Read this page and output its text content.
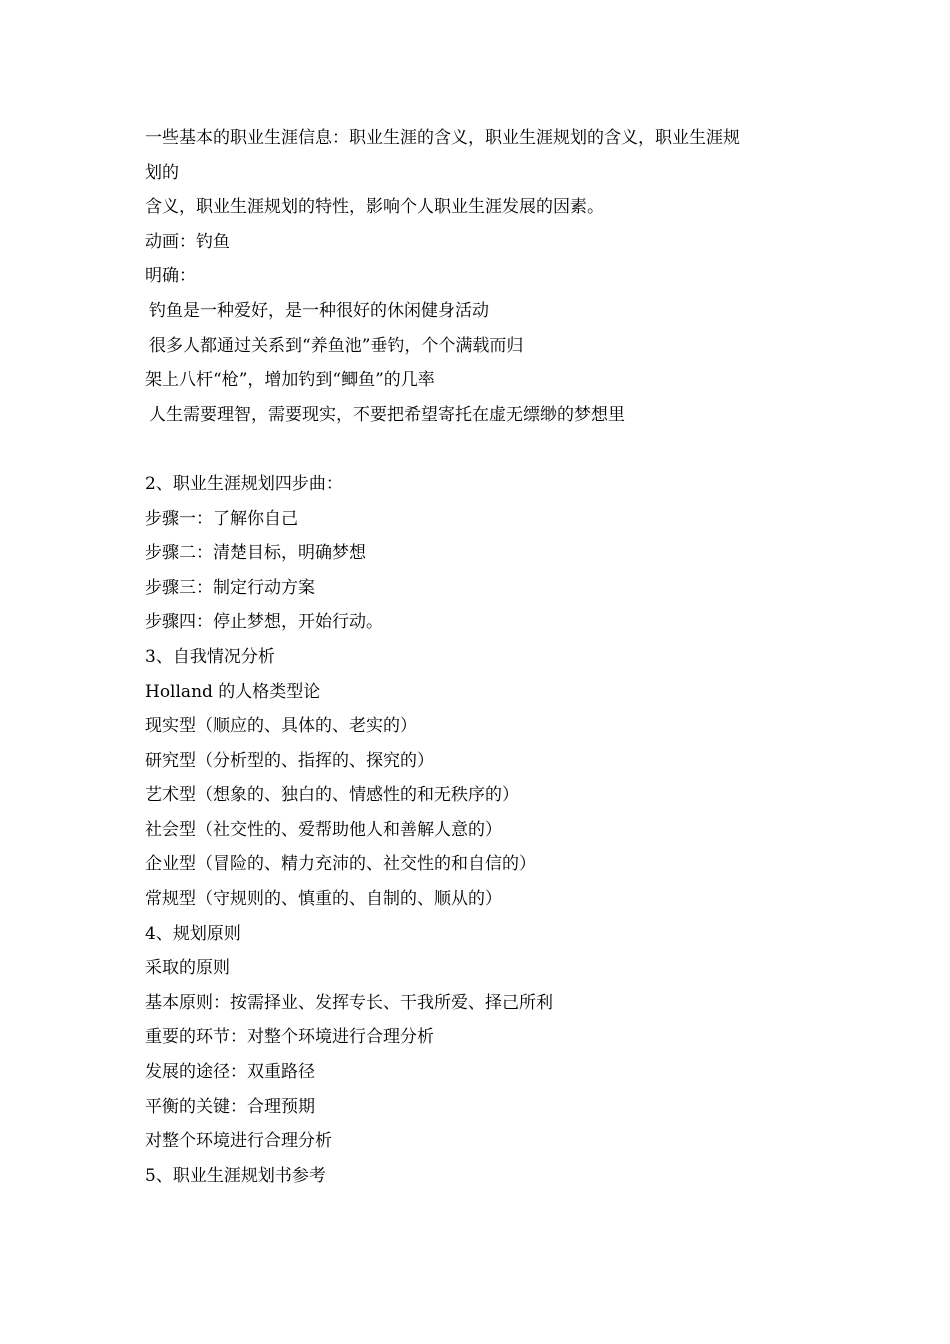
一些基本的职业生涯信息：职业生涯的含义，职业生涯规划的含义，职业生涯规
划的
含义，职业生涯规划的特性，影响个人职业生涯发展的因素。
动画：钓鱼
明确：
钓鱼是一种爱好，是一种很好的休闲健身活动
很多人都通过关系到“养鱼池”垂钓，个个满载而归
架上八杆“枪”，增加钓到“鲫鱼”的几率
人生需要理智，需要现实，不要把希望寄托在虚无缥缈的梦想里
2、职业生涯规划四步曲：
步骤一：了解你自己
步骤二：清楚目标，明确梦想
步骤三：制定行动方案
步骤四：停止梦想，开始行动。
3、自我情况分析
Holland 的人格类型论
现实型（顺应的、具体的、老实的）
研究型（分析型的、指挥的、探究的）
艺术型（想象的、独白的、情感性的和无秩序的）
社会型（社交性的、爱帮助他人和善解人意的）
企业型（冒险的、精力充沛的、社交性的和自信的）
常规型（守规则的、慎重的、自制的、顺从的）
4、规划原则
采取的原则
基本原则：按需择业、发挥专长、干我所爱、择己所利
重要的环节：对整个环境进行合理分析
发展的途径：双重路径
平衡的关键：合理预期
对整个环境进行合理分析
5、职业生涯规划书参考
